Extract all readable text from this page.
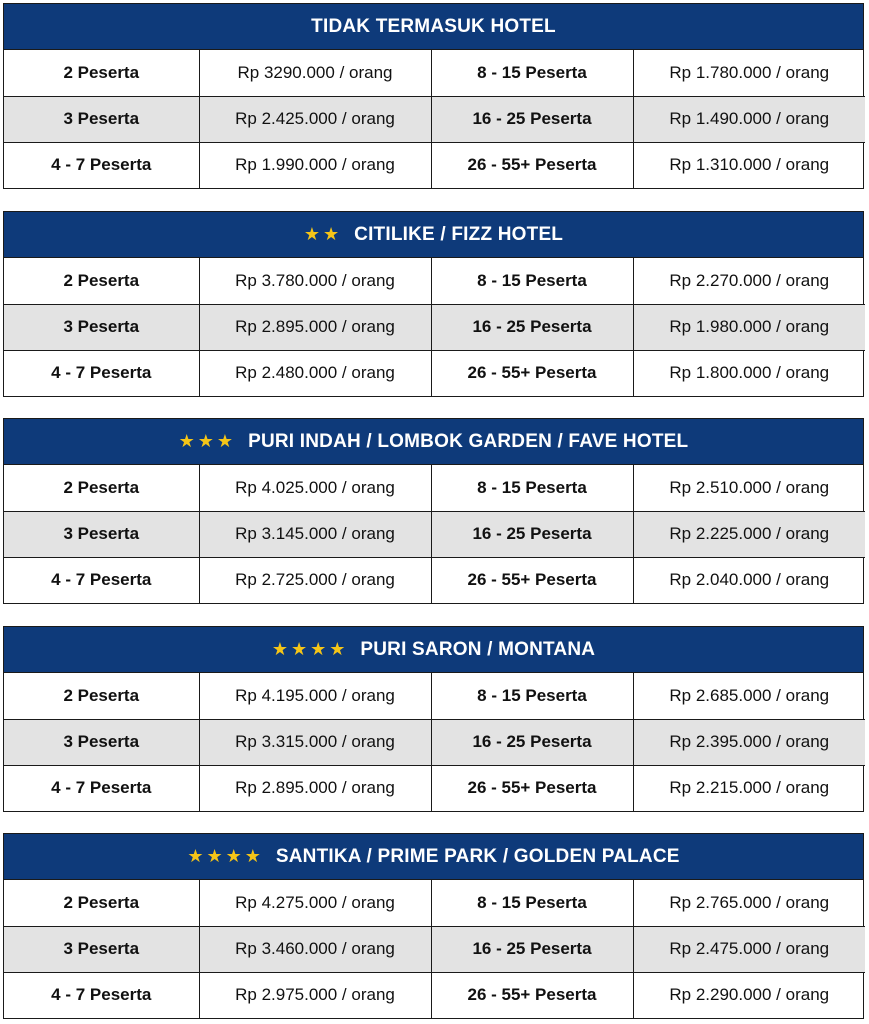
TIDAK TERMASUK HOTEL
2 Peserta	Rp 3290.000 / orang	8 - 15 Peserta	Rp 1.780.000 / orang
3 Peserta	Rp 2.425.000 / orang	16 - 25 Peserta	Rp 1.490.000 / orang
4 - 7 Peserta	Rp 1.990.000 / orang	26 - 55+ Peserta	Rp 1.310.000 / orang
★★ CITILIKE / FIZZ HOTEL
2 Peserta	Rp 3.780.000 / orang	8 - 15 Peserta	Rp 2.270.000 / orang
3 Peserta	Rp 2.895.000 / orang	16 - 25 Peserta	Rp 1.980.000 / orang
4 - 7 Peserta	Rp 2.480.000 / orang	26 - 55+ Peserta	Rp 1.800.000 / orang
★★★ PURI INDAH / LOMBOK GARDEN / FAVE HOTEL
2 Peserta	Rp 4.025.000 / orang	8 - 15 Peserta	Rp 2.510.000 / orang
3 Peserta	Rp 3.145.000 / orang	16 - 25 Peserta	Rp 2.225.000 / orang
4 - 7 Peserta	Rp 2.725.000 / orang	26 - 55+ Peserta	Rp 2.040.000 / orang
★★★★ PURI SARON / MONTANA
2 Peserta	Rp 4.195.000 / orang	8 - 15 Peserta	Rp 2.685.000 / orang
3 Peserta	Rp 3.315.000 / orang	16 - 25 Peserta	Rp 2.395.000 / orang
4 - 7 Peserta	Rp 2.895.000 / orang	26 - 55+ Peserta	Rp 2.215.000 / orang
★★★★ SANTIKA / PRIME PARK / GOLDEN PALACE
2 Peserta	Rp 4.275.000 / orang	8 - 15 Peserta	Rp 2.765.000 / orang
3 Peserta	Rp 3.460.000 / orang	16 - 25 Peserta	Rp 2.475.000 / orang
4 - 7 Peserta	Rp 2.975.000 / orang	26 - 55+ Peserta	Rp 2.290.000 / orang
